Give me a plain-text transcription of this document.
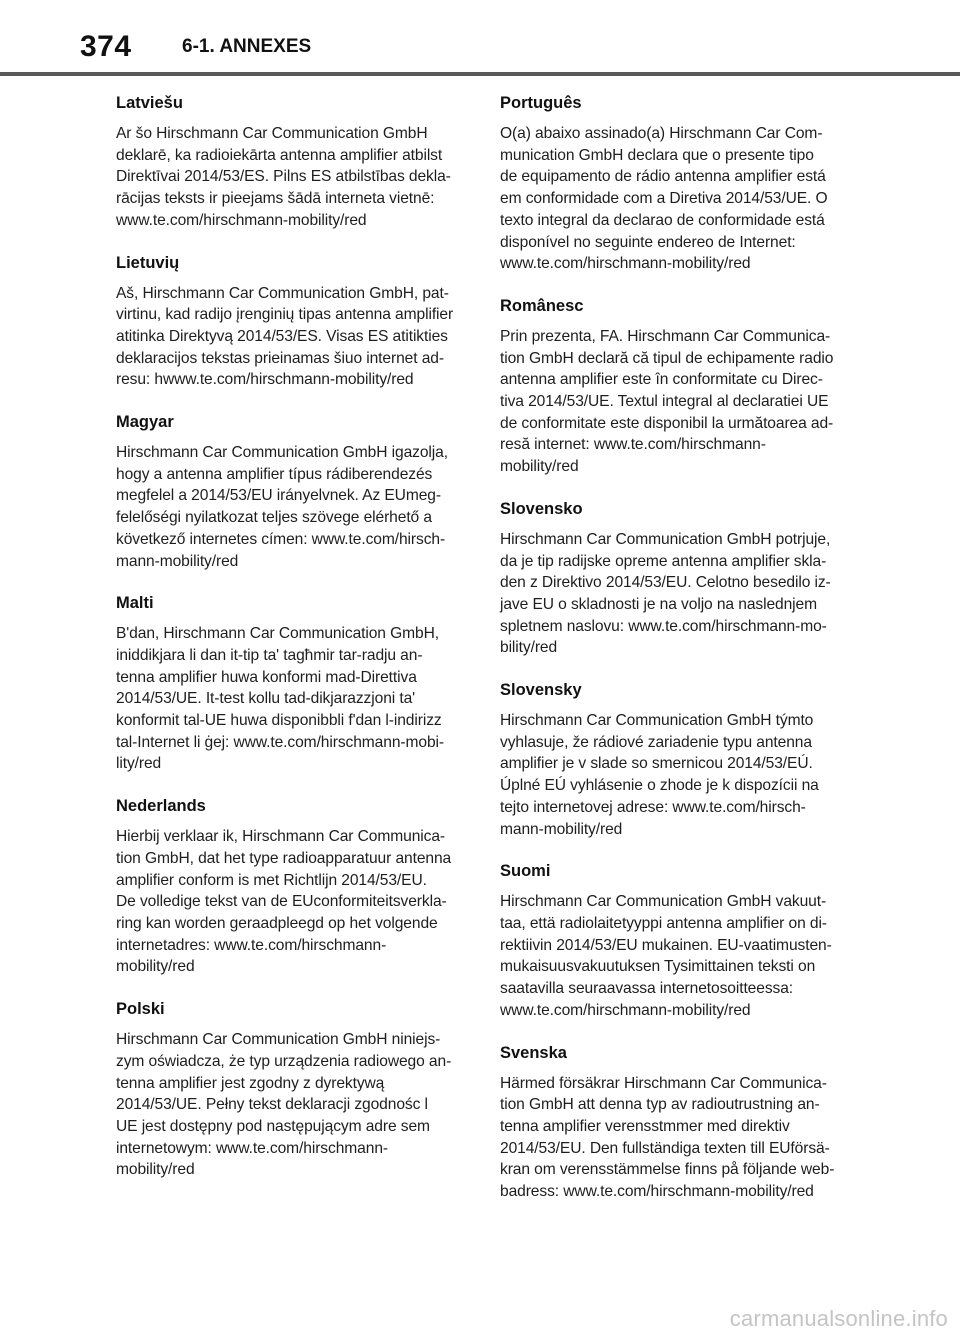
374	6-1. ANNEXES
Latviešu

Ar šo Hirschmann Car Communication GmbH
deklarē, ka radioiekārta antenna amplifier atbilst
Direktīvai 2014/53/ES. Pilns ES atbilstības dekla-
rācijas teksts ir pieejams šādā interneta vietnē:
www.te.com/hirschmann-mobility/red

Lietuvių

Aš, Hirschmann Car Communication GmbH, pat-
virtinu, kad radijo įrenginių tipas antenna amplifier
atitinka Direktyvą 2014/53/ES. Visas ES atitikties
deklaracijos tekstas prieinamas šiuo internet ad-
resu: hwww.te.com/hirschmann-mobility/red

Magyar

Hirschmann Car Communication GmbH igazolja,
hogy a antenna amplifier típus rádiberendezés
megfelel a 2014/53/EU irányelvnek. Az EUmeg-
felelőségi nyilatkozat teljes szövege elérhető a
következő internetes címen: www.te.com/hirsch-
mann-mobility/red

Malti

B'dan, Hirschmann Car Communication GmbH,
iniddikjara li dan it-tip ta' tagħmir tar-radju an-
tenna amplifier huwa konformi mad-Direttiva
2014/53/UE. It-test kollu tad-dikjarazzjoni ta'
konformit tal-UE huwa disponibbli f'dan l-indirizz
tal-Internet li ġej: www.te.com/hirschmann-mobi-
lity/red

Nederlands

Hierbij verklaar ik, Hirschmann Car Communica-
tion GmbH, dat het type radioapparatuur antenna
amplifier conform is met Richtlijn 2014/53/EU.
De volledige tekst van de EUconformiteitsverkla-
ring kan worden geraadpleegd op het volgende
internetadres: www.te.com/hirschmann-
mobility/red

Polski

Hirschmann Car Communication GmbH niniejs-
zym oświadcza, że typ urządzenia radiowego an-
tenna amplifier jest zgodny z dyrektywą
2014/53/UE. Pełny tekst deklaracji zgodnośc l
UE jest dostępny pod następującym adre sem
internetowym: www.te.com/hirschmann-
mobility/red

Português

O(a) abaixo assinado(a) Hirschmann Car Com-
munication GmbH declara que o presente tipo
de equipamento de rádio antenna amplifier está
em conformidade com a Diretiva 2014/53/UE. O
texto integral da declarao de conformidade está
disponível no seguinte endereo de Internet:
www.te.com/hirschmann-mobility/red

Românesc

Prin prezenta, FA. Hirschmann Car Communica-
tion GmbH declară că tipul de echipamente radio
antenna amplifier este în conformitate cu Direc-
tiva 2014/53/UE. Textul integral al declaratiei UE
de conformitate este disponibil la următoarea ad-
resă internet: www.te.com/hirschmann-
mobility/red

Slovensko

Hirschmann Car Communication GmbH potrjuje,
da je tip radijske opreme antenna amplifier skla-
den z Direktivo 2014/53/EU. Celotno besedilo iz-
jave EU o skladnosti je na voljo na naslednjem
spletnem naslovu: www.te.com/hirschmann-mo-
bility/red

Slovensky

Hirschmann Car Communication GmbH týmto
vyhlasuje, že rádiové zariadenie typu antenna
amplifier je v slade so smernicou 2014/53/EÚ.
Úplné EÚ vyhlásenie o zhode je k dispozícii na
tejto internetovej adrese: www.te.com/hirsch-
mann-mobility/red

Suomi

Hirschmann Car Communication GmbH vakuut-
taa, että radiolaitetyyppi antenna amplifier on di-
rektiivin 2014/53/EU mukainen. EU-vaatimusten-
mukaisuusvakuutuksen Tysimittainen teksti on
saatavilla seuraavassa internetosoitteessa:
www.te.com/hirschmann-mobility/red

Svenska

Härmed försäkrar Hirschmann Car Communica-
tion GmbH att denna typ av radioutrustning an-
tenna amplifier verensstmmer med direktiv
2014/53/EU. Den fullständiga texten till EUförsä-
kran om verensstämmelse finns på följande web-
badress: www.te.com/hirschmann-mobility/red

carmanualsonline.info
